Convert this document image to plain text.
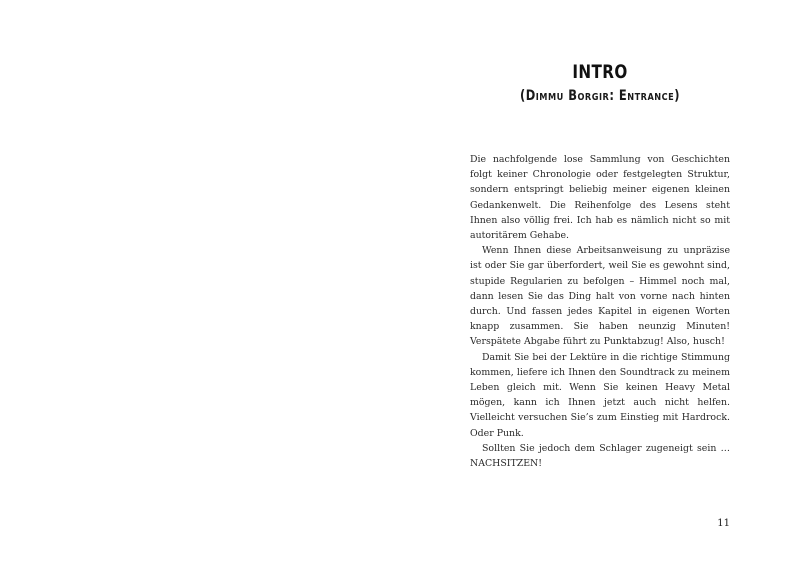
INTRO
(Dimmu Borgir: Entrance)

Die nachfolgende lose Sammlung von Geschichten folgt keiner Chronologie oder festgelegten Struktur, sondern entspringt beliebig meiner eigenen kleinen Gedankenwelt. Die Reihenfolge des Lesens steht Ihnen also völlig frei. Ich hab es nämlich nicht so mit autoritärem Gehabe.

Wenn Ihnen diese Arbeitsanweisung zu unpräzise ist oder Sie gar überfordert, weil Sie es gewohnt sind, stupide Regularien zu befolgen – Himmel noch mal, dann lesen Sie das Ding halt von vorne nach hinten durch. Und fassen jedes Kapitel in eigenen Worten knapp zusammen. Sie haben neunzig Minuten! Verspätete Abgabe führt zu Punktabzug! Also, husch!

Damit Sie bei der Lektüre in die richtige Stimmung kommen, liefere ich Ihnen den Soundtrack zu meinem Leben gleich mit. Wenn Sie keinen Heavy Metal mögen, kann ich Ihnen jetzt auch nicht helfen. Vielleicht versuchen Sie’s zum Einstieg mit Hardrock. Oder Punk.

Sollten Sie jedoch dem Schlager zugeneigt sein … NACHSITZEN!

11
